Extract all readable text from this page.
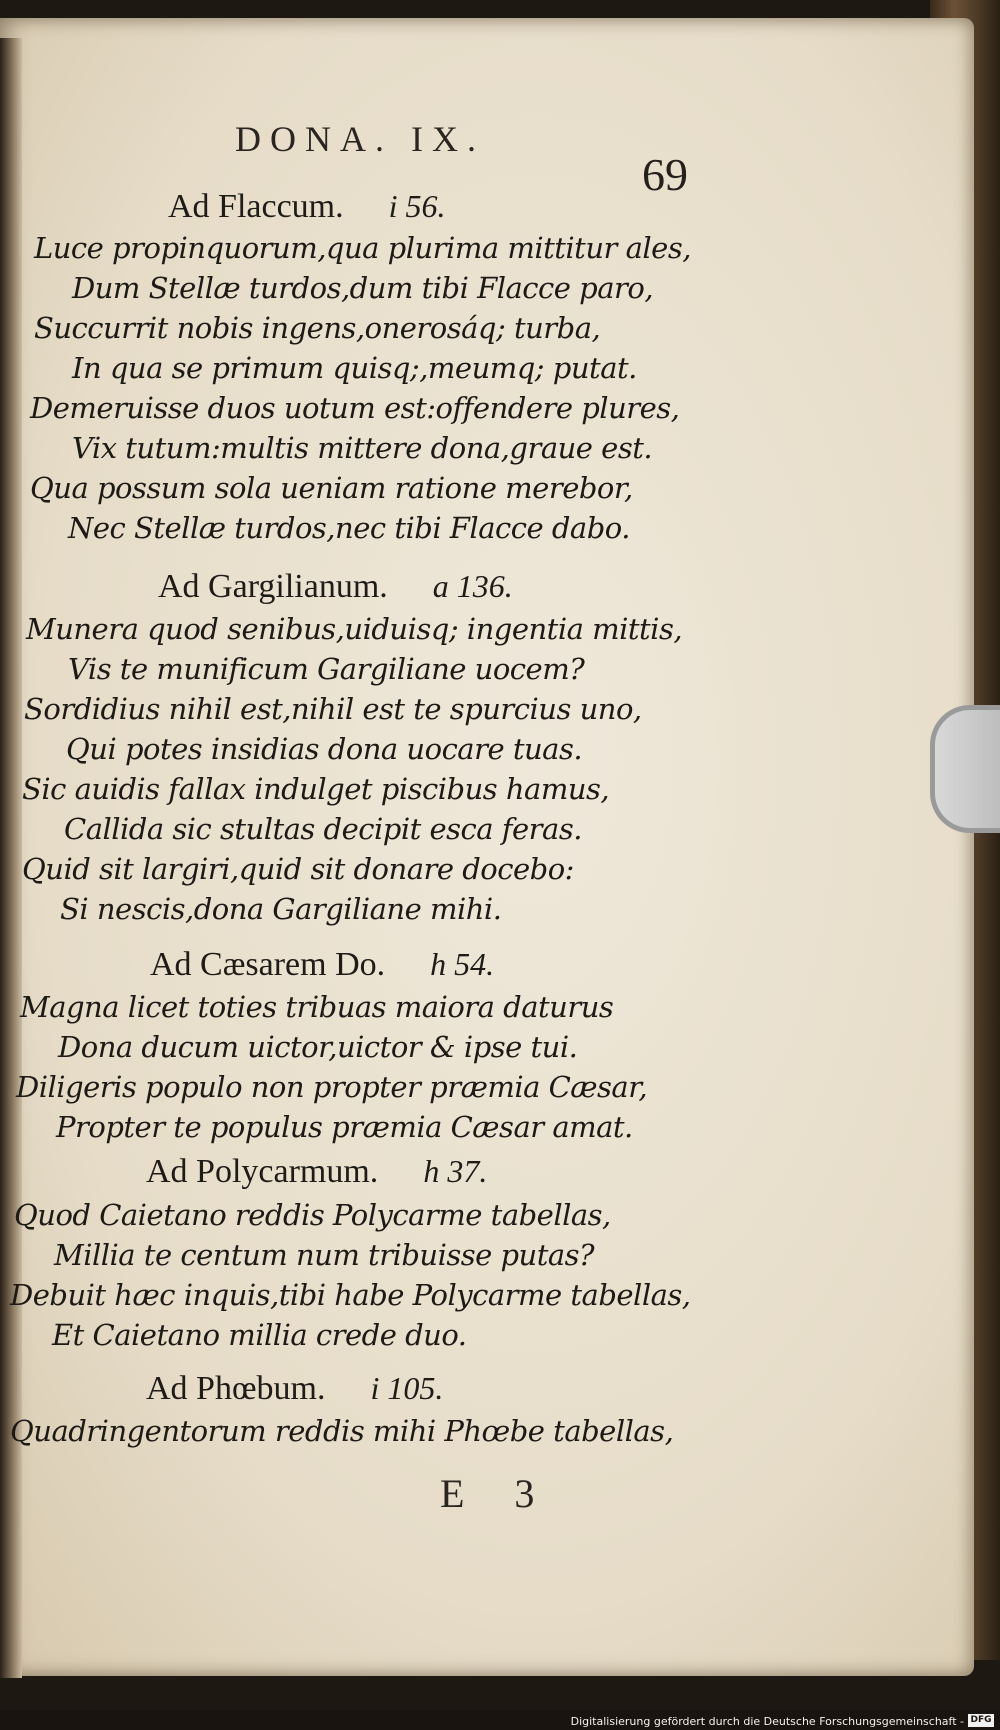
DONA. IX.
69
Ad Flaccum. i 56.
Luce propinquorum,qua plurima mittitur ales,
Dum Stellæ turdos,dum tibi Flacce paro,
Succurrit nobis ingens,onerosáq; turba,
In qua se primum quisq;,meumq; putat.
Demeruisse duos uotum est:offendere plures,
Vix tutum:multis mittere dona,graue est.
Qua possum sola ueniam ratione merebor,
Nec Stellæ turdos,nec tibi Flacce dabo.
Ad Gargilianum. a 136.
Munera quod senibus,uiduisq; ingentia mittis,
Vis te munificum Gargiliane uocem?
Sordidius nihil est,nihil est te spurcius uno,
Qui potes insidias dona uocare tuas.
Sic auidis fallax indulget piscibus hamus,
Callida sic stultas decipit esca feras.
Quid sit largiri,quid sit donare docebo:
Si nescis,dona Gargiliane mihi.
Ad Cæsarem Do. h 54.
Magna licet toties tribuas maiora daturus
Dona ducum uictor,uictor & ipse tui.
Diligeris populo non propter præmia Cæsar,
Propter te populus præmia Cæsar amat.
Ad Polycarmum. h 37.
Quod Caietano reddis Polycarme tabellas,
Millia te centum num tribuisse putas?
Debuit hæc inquis,tibi habe Polycarme tabellas,
Et Caietano millia crede duo.
Ad Phœbum. i 105.
Quadringentorum reddis mihi Phœbe tabellas,
E 3
Digitalisierung gefördert durch die Deutsche Forschungsgemeinschaft - DFG
